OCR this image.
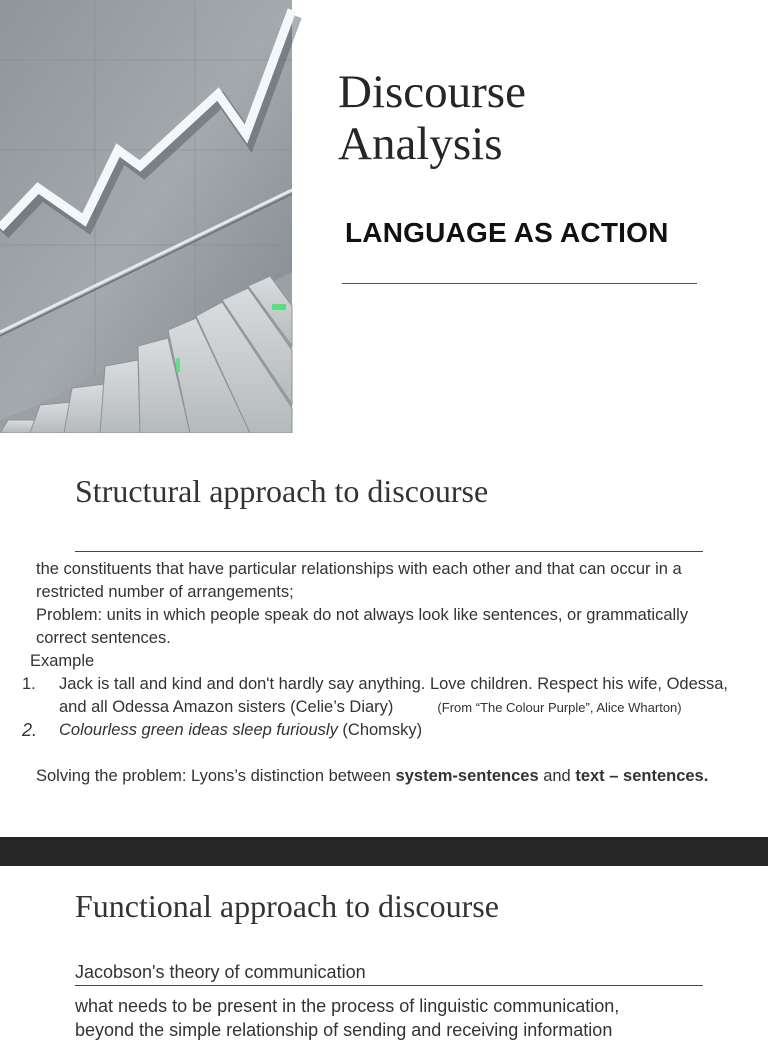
Discourse
Analysis
LANGUAGE AS ACTION
Structural approach to discourse
the constituents that have particular relationships with each other and that can occur in a
restricted number of arrangements;
Problem: units in which people speak do not always look like sentences, or grammatically
correct sentences.
Example
1. Jack is tall and kind and don't hardly say anything. Love children. Respect his wife, Odessa,
and all Odessa Amazon sisters (Celie’s Diary)	(From “The Colour Purple”, Alice Wharton)
2. Colourless green ideas sleep furiously (Chomsky)
Solving the problem: Lyons’s distinction between system-sentences and text – sentences.
Functional approach to discourse
Jacobson's theory of communication
what needs to be present in the process of linguistic communication,
beyond the simple relationship of sending and receiving information
